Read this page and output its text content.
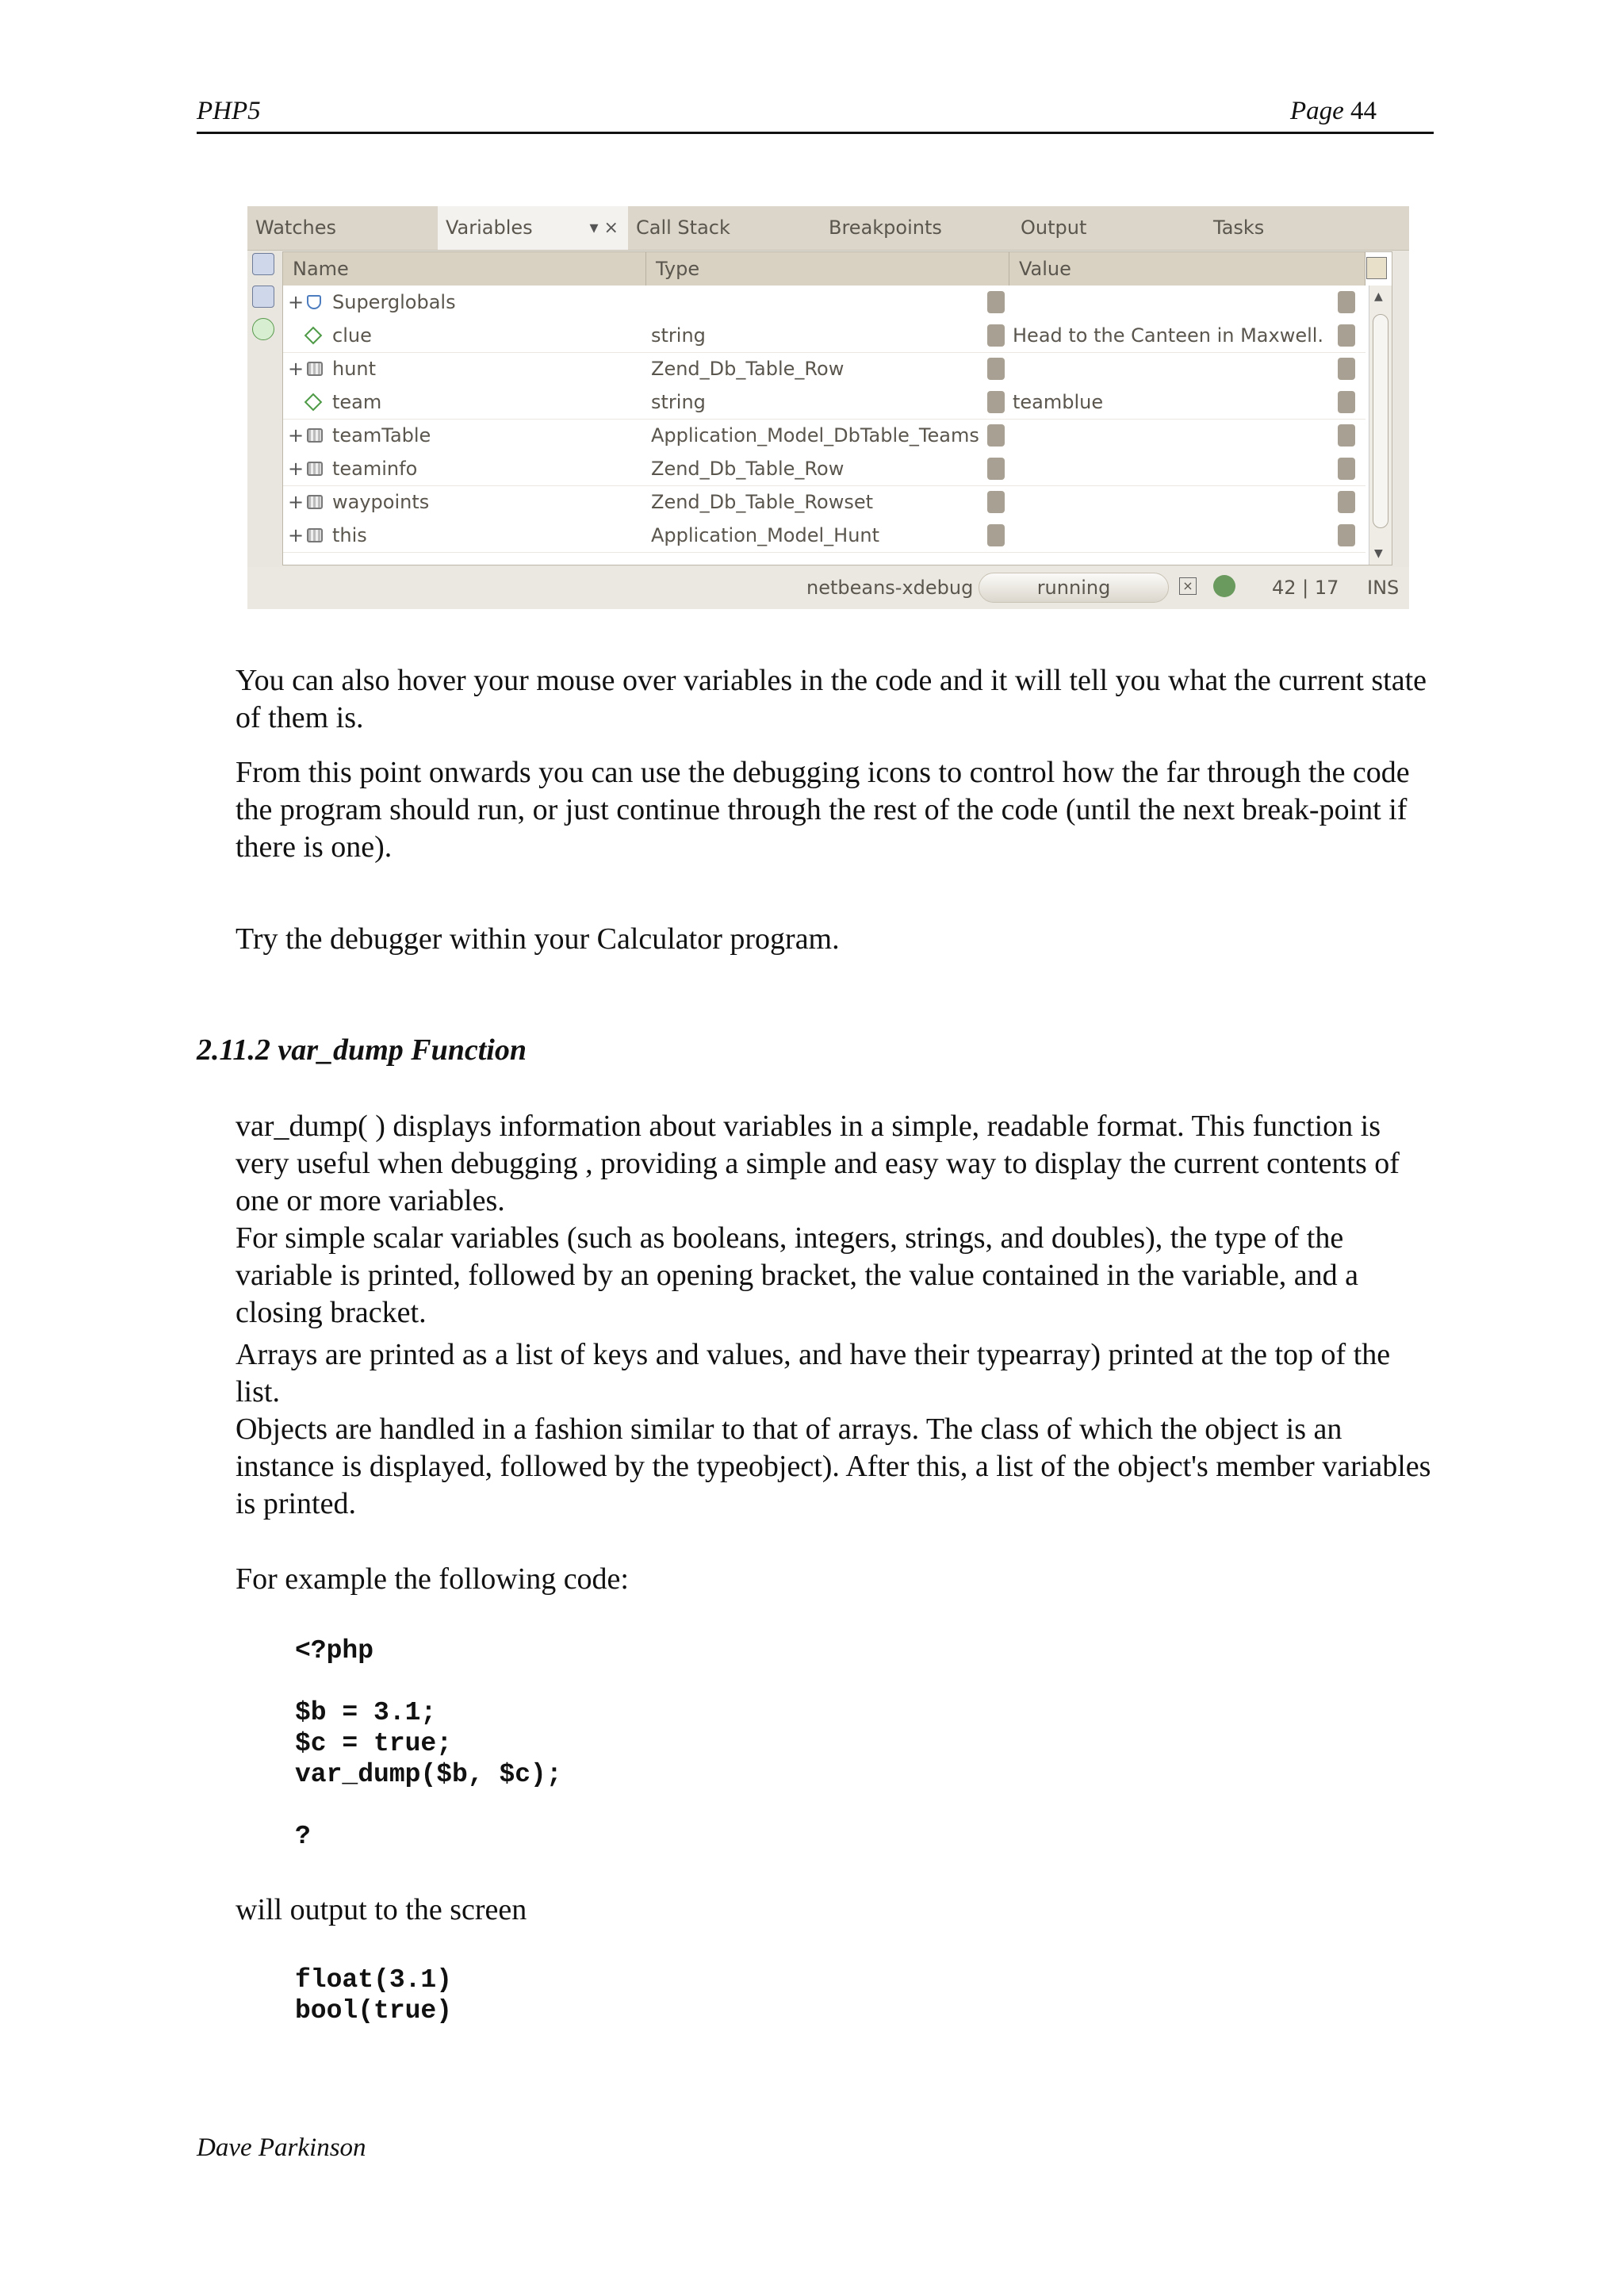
PHP5	Page 44
Watches	Variables	▾ × Call Stack	Breakpoints	Output	Tasks
Name	Type	Value
+ Superglobals
clue	string	Head to the Canteen in Maxwell.
+ hunt	Zend_Db_Table_Row
team	string	teamblue
+ teamTable	Application_Model_DbTable_Teams
+ teaminfo	Zend_Db_Table_Row
+ waypoints	Zend_Db_Table_Rowset
+ this	Application_Model_Hunt
▲
▼
netbeans-xdebug	running	×	42 | 17 INS

You can also hover your mouse over variables in the code and it will tell you what the current state of them is.

From this point onwards you can use the debugging icons to control how the far through the code the program should run, or just continue through the rest of the code (until the next break-point if there is one).

Try the debugger within your Calculator program.

2.11.2 var_dump Function

var_dump( ) displays information about variables in a simple, readable format. This function is very useful when debugging , providing a simple and easy way to display the current contents of one or more variables.

For simple scalar variables (such as booleans, integers, strings, and doubles), the type of the variable is printed, followed by an opening bracket, the value contained in the variable, and a closing bracket.

Arrays are printed as a list of keys and values, and have their typearray) printed at the top of the list.

Objects are handled in a fashion similar to that of arrays. The class of which the object is an instance is displayed, followed by the typeobject). After this, a list of the object's member variables is printed.

For example the following code:

<?php

$b = 3.1;
$c = true;
var_dump($b, $c);

?

will output to the screen

float(3.1)
bool(true)
Dave Parkinson
